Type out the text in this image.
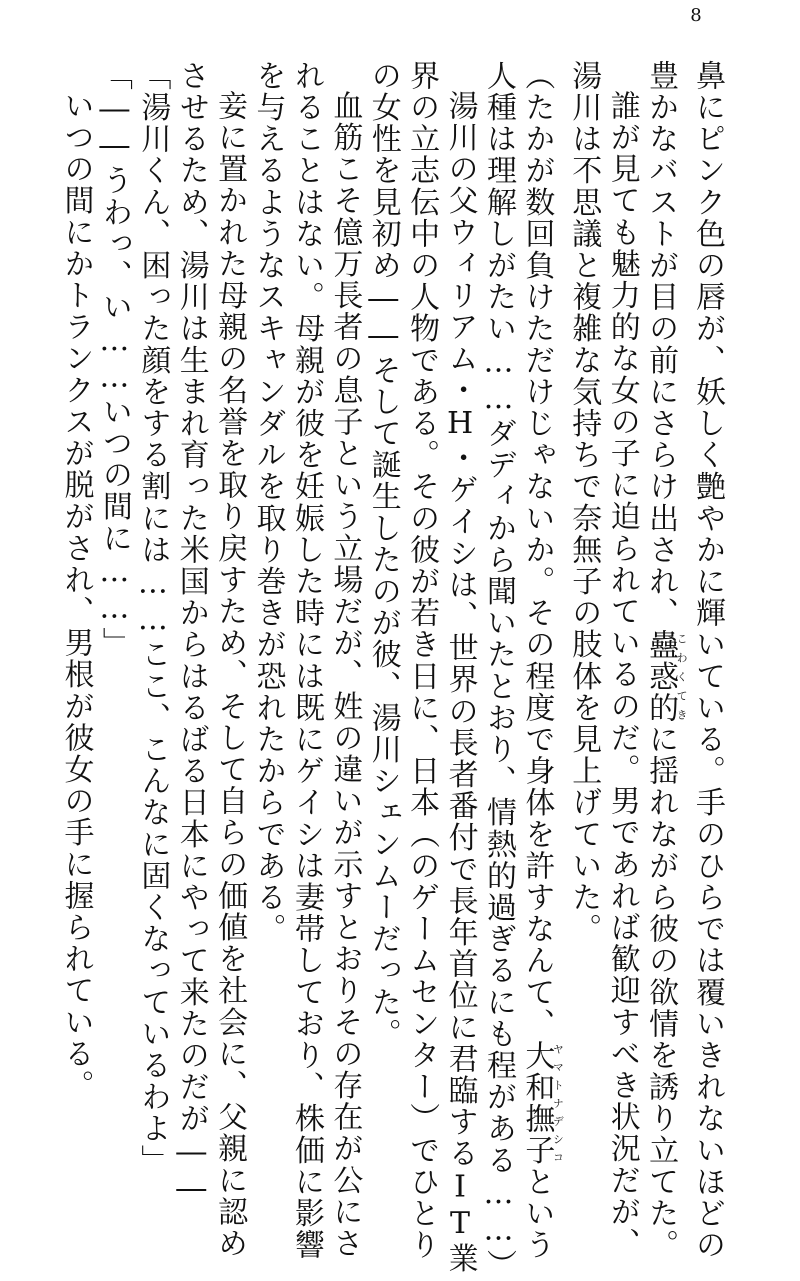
8
鼻にピンク色の唇が、妖しく艶やかに輝いている。手のひらでは覆いきれないほどの
豊かなバストが目の前にさらけ出され、蠱惑的こわくてきに揺れながら彼の欲情を誘り立てた。
誰が見ても魅力的な女の子に迫られているのだ。男であれば歓迎すべき状況だが、
湯川は不思議と複雑な気持ちで奈無子の肢体を見上げていた。
（たかが数回負けただけじゃないか。その程度で身体を許すなんて、大和撫子ヤマトナデシコという
人種は理解しがたい……ダディから聞いたとおり、情熱的過ぎるにも程がある……）
湯川の父ウィリアム・H・ゲイシは、世界の長者番付で長年首位に君臨するIT業
界の立志伝中の人物である。その彼が若き日に、日本（のゲームセンター）でひとり
の女性を見初め――そして誕生したのが彼、湯川シェンムーだった。
血筋こそ億万長者の息子という立場だが、姓の違いが示すとおりその存在が公にさ
れることはない。母親が彼を妊娠した時には既にゲイシは妻帯しており、株価に影響
を与えるようなスキャンダルを取り巻きが恐れたからである。
妾に置かれた母親の名誉を取り戻すため、そして自らの価値を社会に、父親に認め
させるため、湯川は生まれ育った米国からはるばる日本にやって来たのだが――
「湯川くん、困った顔をする割には……ここ、こんなに固くなっているわよ」
「――うわっ、い……いつの間に……」
いつの間にかトランクスが脱がされ、男根が彼女の手に握られている。
